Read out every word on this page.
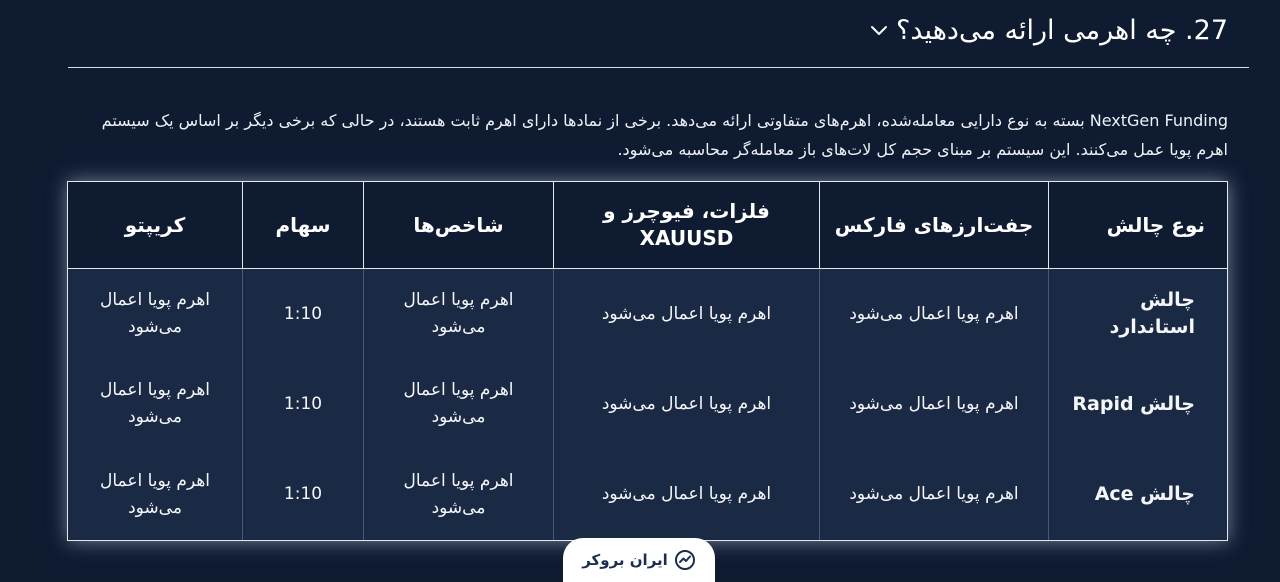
27. چه اهرمی ارائه می‌دهید؟

NextGen Funding بسته به نوع دارایی معامله‌شده، اهرم‌های متفاوتی ارائه می‌دهد. برخی از نمادها دارای اهرم ثابت هستند، در حالی که برخی دیگر بر اساس یک سیستم اهرم پویا عمل می‌کنند. این سیستم بر مبنای حجم کل لات‌های باز معامله‌گر محاسبه می‌شود.

نوع چالش	جفت‌ارزهای فارکس	فلزات، فیوچرز و XAUUSD	شاخص‌ها	سهام	کریپتو
چالش استاندارد	اهرم پویا اعمال می‌شود	اهرم پویا اعمال می‌شود	اهرم پویا اعمال می‌شود	1:10	اهرم پویا اعمال می‌شود
چالش Rapid	اهرم پویا اعمال می‌شود	اهرم پویا اعمال می‌شود	اهرم پویا اعمال می‌شود	1:10	اهرم پویا اعمال می‌شود
چالش Ace	اهرم پویا اعمال می‌شود	اهرم پویا اعمال می‌شود	اهرم پویا اعمال می‌شود	1:10	اهرم پویا اعمال می‌شود
ایران بروکر
